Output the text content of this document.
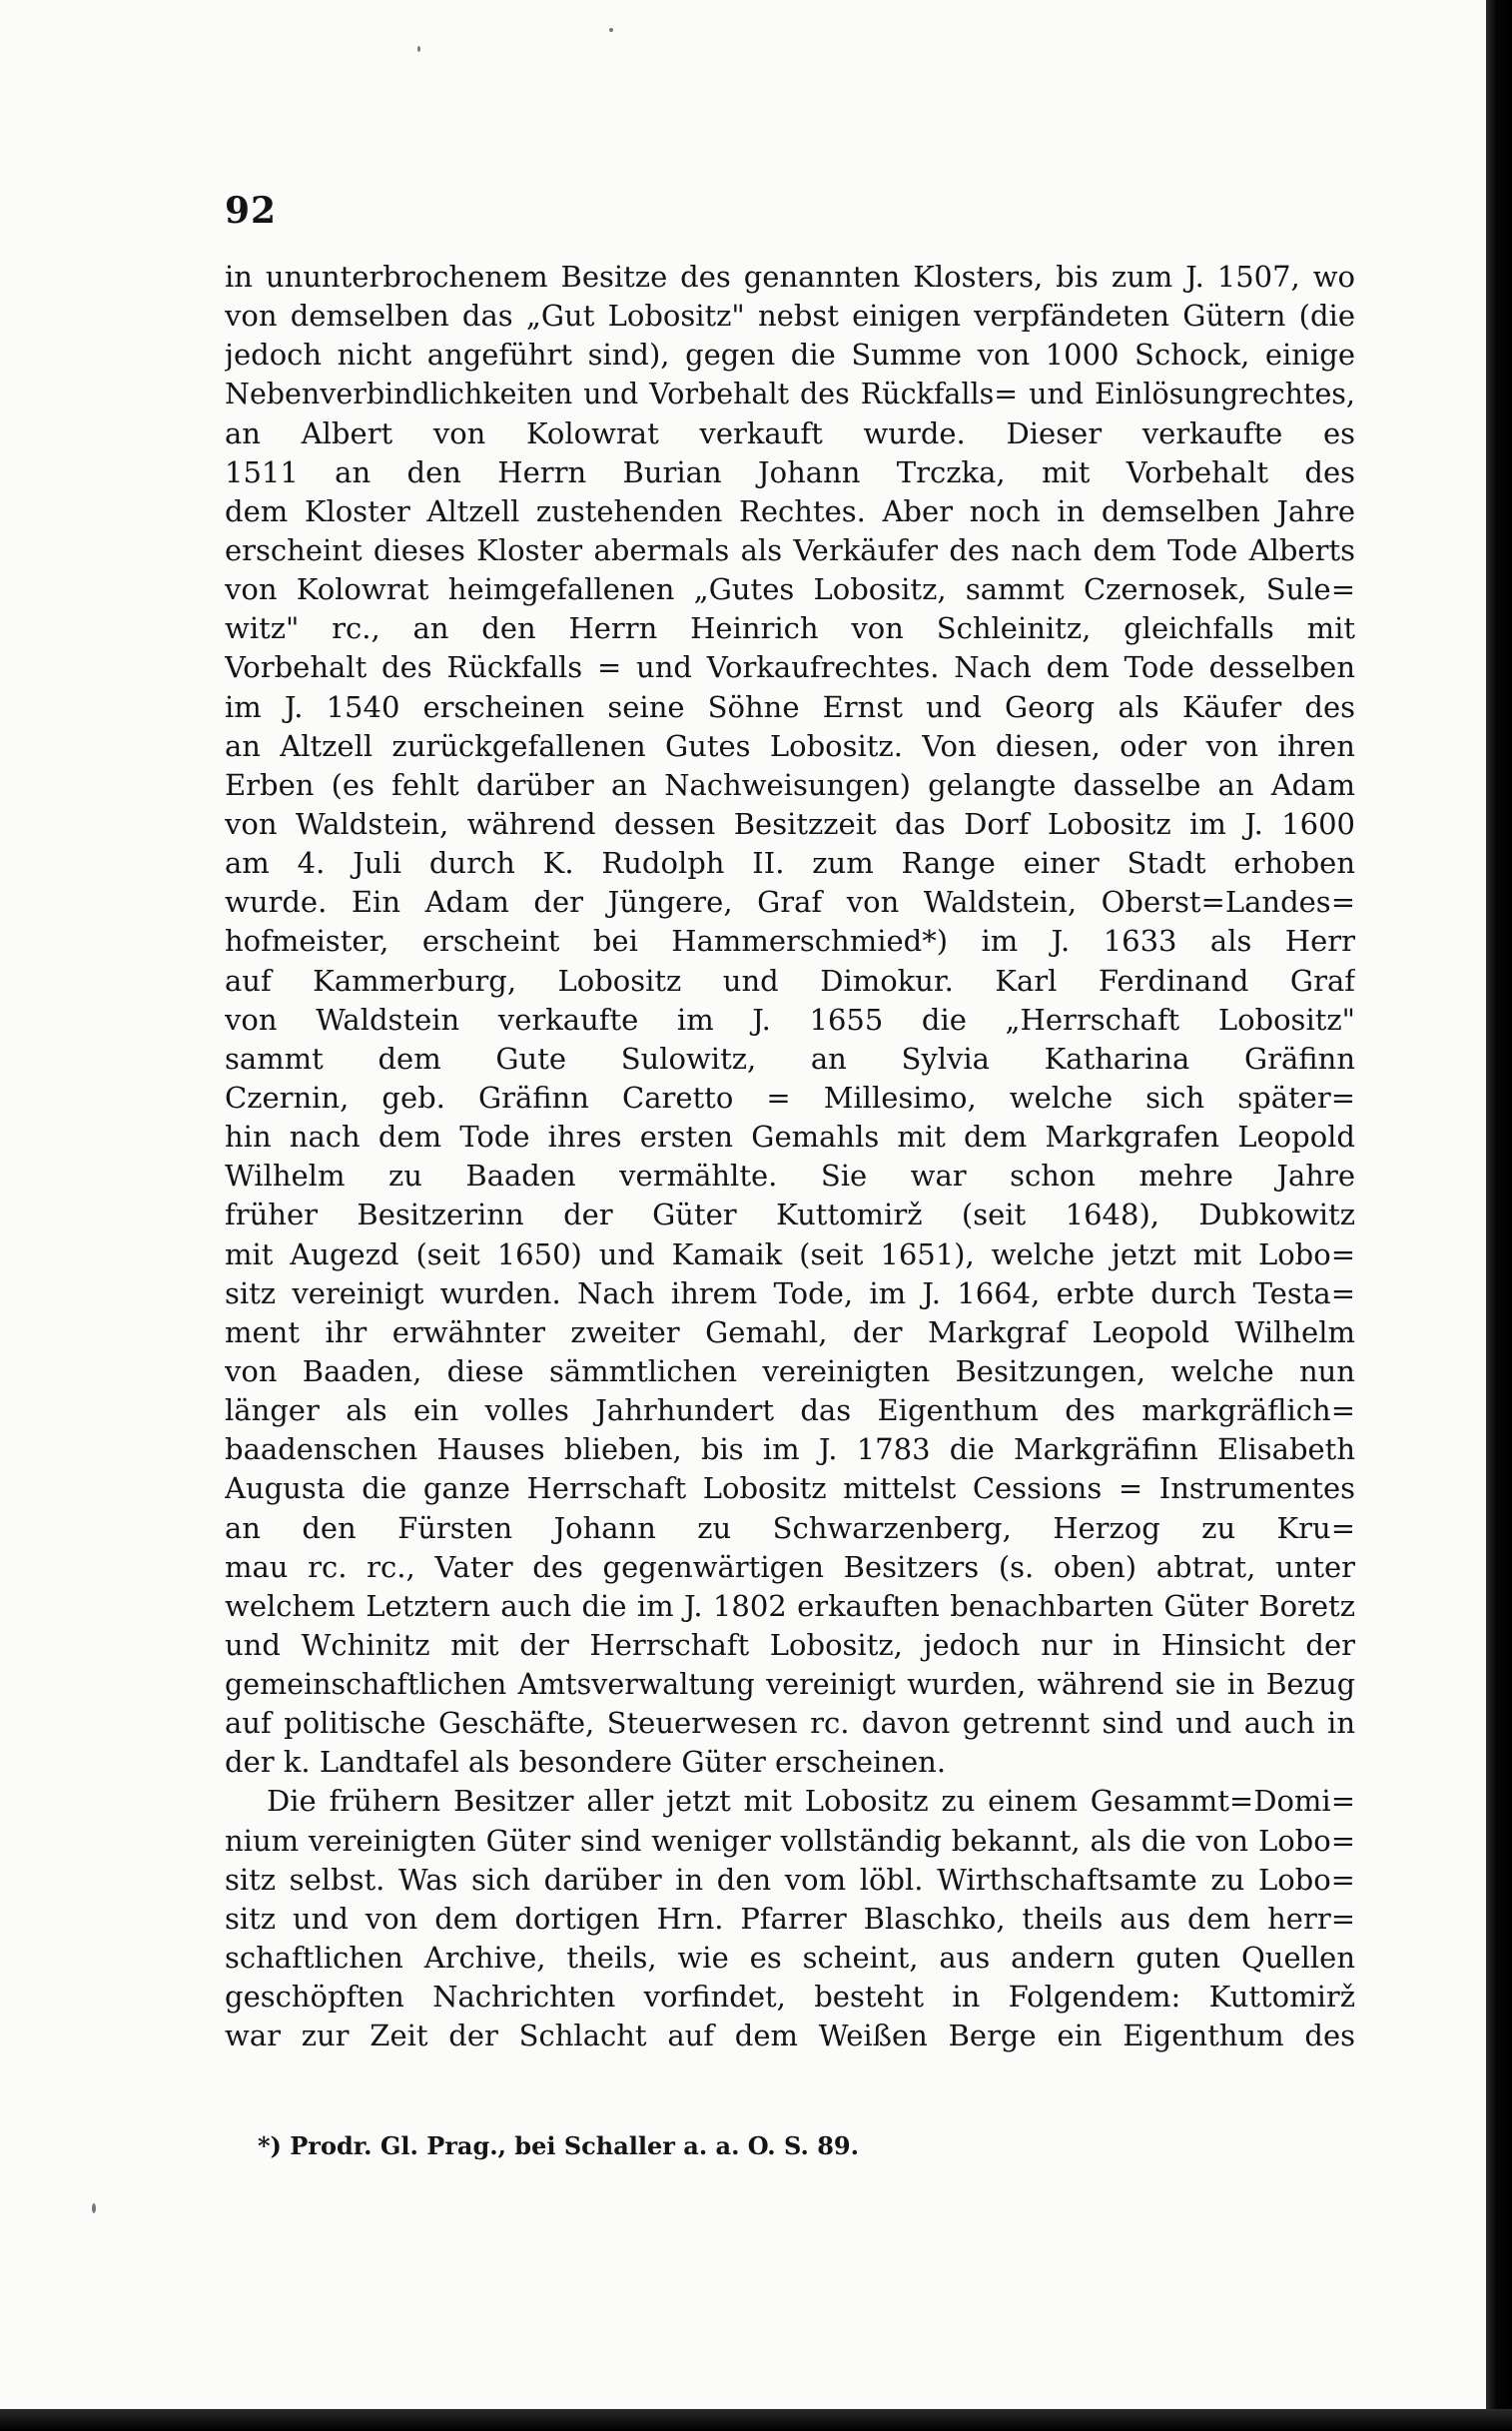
92
in ununterbrochenem Besitze des genannten Klosters, bis zum J. 1507, wo
von demselben das „Gut Lobositz" nebst einigen verpfändeten Gütern (die
jedoch nicht angeführt sind), gegen die Summe von 1000 Schock, einige
Nebenverbindlichkeiten und Vorbehalt des Rückfalls= und Einlösungrechtes,
an Albert von Kolowrat verkauft wurde. Dieser verkaufte es
1511 an den Herrn Burian Johann Trczka, mit Vorbehalt des
dem Kloster Altzell zustehenden Rechtes. Aber noch in demselben Jahre
erscheint dieses Kloster abermals als Verkäufer des nach dem Tode Alberts
von Kolowrat heimgefallenen „Gutes Lobositz, sammt Czernosek, Sule=
witz" rc., an den Herrn Heinrich von Schleinitz, gleichfalls mit
Vorbehalt des Rückfalls = und Vorkaufrechtes. Nach dem Tode desselben
im J. 1540 erscheinen seine Söhne Ernst und Georg als Käufer des
an Altzell zurückgefallenen Gutes Lobositz. Von diesen, oder von ihren
Erben (es fehlt darüber an Nachweisungen) gelangte dasselbe an Adam
von Waldstein, während dessen Besitzzeit das Dorf Lobositz im J. 1600
am 4. Juli durch K. Rudolph II. zum Range einer Stadt erhoben
wurde. Ein Adam der Jüngere, Graf von Waldstein, Oberst=Landes=
hofmeister, erscheint bei Hammerschmied*) im J. 1633 als Herr
auf Kammerburg, Lobositz und Dimokur. Karl Ferdinand Graf
von Waldstein verkaufte im J. 1655 die „Herrschaft Lobositz"
sammt dem Gute Sulowitz, an Sylvia Katharina Gräfinn
Czernin, geb. Gräfinn Caretto = Millesimo, welche sich später=
hin nach dem Tode ihres ersten Gemahls mit dem Markgrafen Leopold
Wilhelm zu Baaden vermählte. Sie war schon mehre Jahre
früher Besitzerinn der Güter Kuttomirž (seit 1648), Dubkowitz
mit Augezd (seit 1650) und Kamaik (seit 1651), welche jetzt mit Lobo=
sitz vereinigt wurden. Nach ihrem Tode, im J. 1664, erbte durch Testa=
ment ihr erwähnter zweiter Gemahl, der Markgraf Leopold Wilhelm
von Baaden, diese sämmtlichen vereinigten Besitzungen, welche nun
länger als ein volles Jahrhundert das Eigenthum des markgräflich=
baadenschen Hauses blieben, bis im J. 1783 die Markgräfinn Elisabeth
Augusta die ganze Herrschaft Lobositz mittelst Cessions = Instrumentes
an den Fürsten Johann zu Schwarzenberg, Herzog zu Kru=
mau rc. rc., Vater des gegenwärtigen Besitzers (s. oben) abtrat, unter
welchem Letztern auch die im J. 1802 erkauften benachbarten Güter Boretz
und Wchinitz mit der Herrschaft Lobositz, jedoch nur in Hinsicht der
gemeinschaftlichen Amtsverwaltung vereinigt wurden, während sie in Bezug
auf politische Geschäfte, Steuerwesen rc. davon getrennt sind und auch in
der k. Landtafel als besondere Güter erscheinen.
Die frühern Besitzer aller jetzt mit Lobositz zu einem Gesammt=Domi=
nium vereinigten Güter sind weniger vollständig bekannt, als die von Lobo=
sitz selbst. Was sich darüber in den vom löbl. Wirthschaftsamte zu Lobo=
sitz und von dem dortigen Hrn. Pfarrer Blaschko, theils aus dem herr=
schaftlichen Archive, theils, wie es scheint, aus andern guten Quellen
geschöpften Nachrichten vorfindet, besteht in Folgendem: Kuttomirž
war zur Zeit der Schlacht auf dem Weißen Berge ein Eigenthum des
*) Prodr. Gl. Prag., bei Schaller a. a. O. S. 89.
